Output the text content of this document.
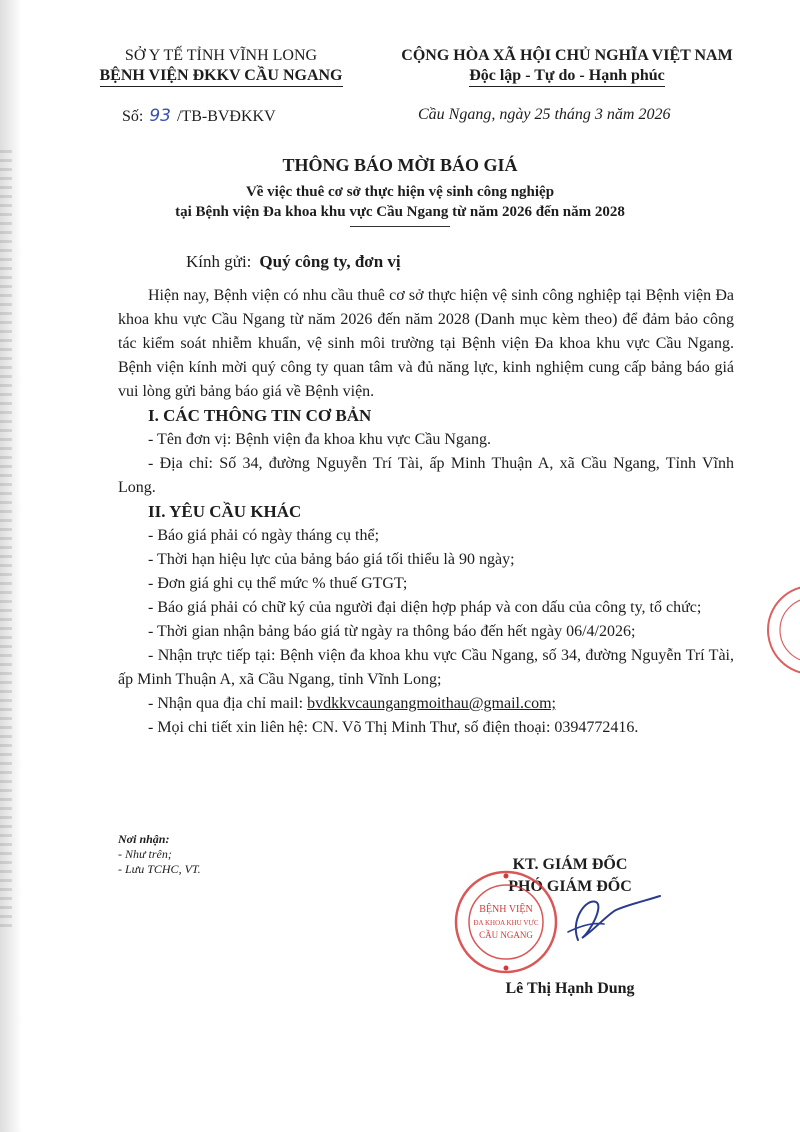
SỞ Y TẾ TỈNH VĨNH LONG
BỆNH VIỆN ĐKKV CẦU NGANG
CỘNG HÒA XÃ HỘI CHỦ NGHĨA VIỆT NAM
Độc lập - Tự do - Hạnh phúc
Số: 93 /TB-BVĐKKV	Cầu Ngang, ngày 25 tháng 3 năm 2026
THÔNG BÁO MỜI BÁO GIÁ
Về việc thuê cơ sở thực hiện vệ sinh công nghiệp
tại Bệnh viện Đa khoa khu vực Cầu Ngang từ năm 2026 đến năm 2028
Kính gửi: Quý công ty, đơn vị

Hiện nay, Bệnh viện có nhu cầu thuê cơ sở thực hiện vệ sinh công nghiệp tại Bệnh viện Đa khoa khu vực Cầu Ngang từ năm 2026 đến năm 2028 (Danh mục kèm theo) để đảm bảo công tác kiểm soát nhiễm khuẩn, vệ sinh môi trường tại Bệnh viện Đa khoa khu vực Cầu Ngang. Bệnh viện kính mời quý công ty quan tâm và đủ năng lực, kinh nghiệm cung cấp bảng báo giá vui lòng gửi bảng báo giá về Bệnh viện.

I. CÁC THÔNG TIN CƠ BẢN

- Tên đơn vị: Bệnh viện đa khoa khu vực Cầu Ngang.

- Địa chỉ: Số 34, đường Nguyễn Trí Tài, ấp Minh Thuận A, xã Cầu Ngang, Tỉnh Vĩnh Long.

II. YÊU CẦU KHÁC

- Báo giá phải có ngày tháng cụ thể;

- Thời hạn hiệu lực của bảng báo giá tối thiểu là 90 ngày;

- Đơn giá ghi cụ thể mức % thuế GTGT;

- Báo giá phải có chữ ký của người đại diện hợp pháp và con dấu của công ty, tổ chức;

- Thời gian nhận bảng báo giá từ ngày ra thông báo đến hết ngày 06/4/2026;

- Nhận trực tiếp tại: Bệnh viện đa khoa khu vực Cầu Ngang, số 34, đường Nguyễn Trí Tài, ấp Minh Thuận A, xã Cầu Ngang, tỉnh Vĩnh Long;

- Nhận qua địa chỉ mail: bvdkkvcaungangmoithau@gmail.com;

- Mọi chi tiết xin liên hệ: CN. Võ Thị Minh Thư, số điện thoại: 0394772416.

Nơi nhận:
- Như trên;
- Lưu TCHC, VT.	KT. GIÁM ĐỐC
PHÓ GIÁM ĐỐC
BỆNH VIỆN
ĐA KHOA KHU VỰC
CẦU NGANG
Lê Thị Hạnh Dung
